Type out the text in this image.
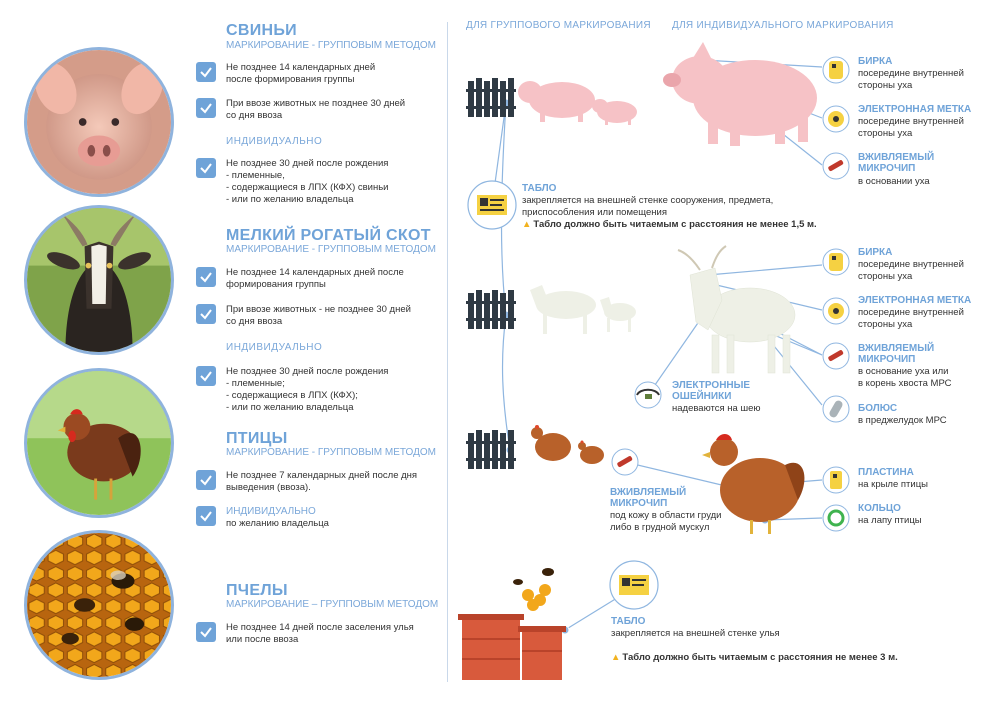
СВИНЬИ
МАРКИРОВАНИЕ - ГРУППОВЫМ МЕТОДОМ
Не позднее 14 календарных дней
после формирования группы
При ввозе животных не позднее 30 дней
со дня ввоза
ИНДИВИДУАЛЬНО
Не позднее 30 дней после рождения
- племенные,
- содержащиеся в ЛПХ (КФХ) свиньи
- или по желанию владельца
МЕЛКИЙ РОГАТЫЙ СКОТ
МАРКИРОВАНИЕ - ГРУППОВЫМ МЕТОДОМ
Не позднее 14 календарных дней после
формирования группы
При ввозе животных - не позднее 30 дней
со дня ввоза
ИНДИВИДУАЛЬНО
Не позднее 30 дней после рождения
- племенные;
- содержащиеся в ЛПХ (КФХ);
- или по желанию владельца
ПТИЦЫ
МАРКИРОВАНИЕ - ГРУППОВЫМ МЕТОДОМ
Не позднее 7 календарных дней после дня
выведения (ввоза).
ИНДИВИДУАЛЬНО
по желанию владельца
ПЧЕЛЫ
МАРКИРОВАНИЕ – ГРУППОВЫМ МЕТОДОМ
Не позднее 14 дней после заселения улья
или после ввоза
ДЛЯ ГРУППОВОГО МАРКИРОВАНИЯ ДЛЯ ИНДИВИДУАЛЬНОГО МАРКИРОВАНИЯ
БИРКА
посередине внутренней
стороны уха
ЭЛЕКТРОННАЯ МЕТКА
посередине внутренней
стороны уха
ВЖИВЛЯЕМЫЙ
МИКРОЧИП
в основании уха
ТАБЛО
закрепляется на внешней стенке сооружения, предмета,
приспособления или помещения
▲ Табло должно быть читаемым с расстояния не менее 1,5 м.
БИРКА
посередине внутренней
стороны уха
ЭЛЕКТРОННАЯ МЕТКА
посередине внутренней
стороны уха
ВЖИВЛЯЕМЫЙ
МИКРОЧИП
в основание уха или
в корень хвоста МРС
БОЛЮС
в преджелудок МРС
ЭЛЕКТРОННЫЕ
ОШЕЙНИКИ
надеваются на шею
ПЛАСТИНА
на крыле птицы
КОЛЬЦО
на лапу птицы
ВЖИВЛЯЕМЫЙ
МИКРОЧИП
под кожу в области груди
либо в грудной мускул
ТАБЛО
закрепляется на внешней стенке улья
▲ Табло должно быть читаемым с расстояния не менее 3 м.
